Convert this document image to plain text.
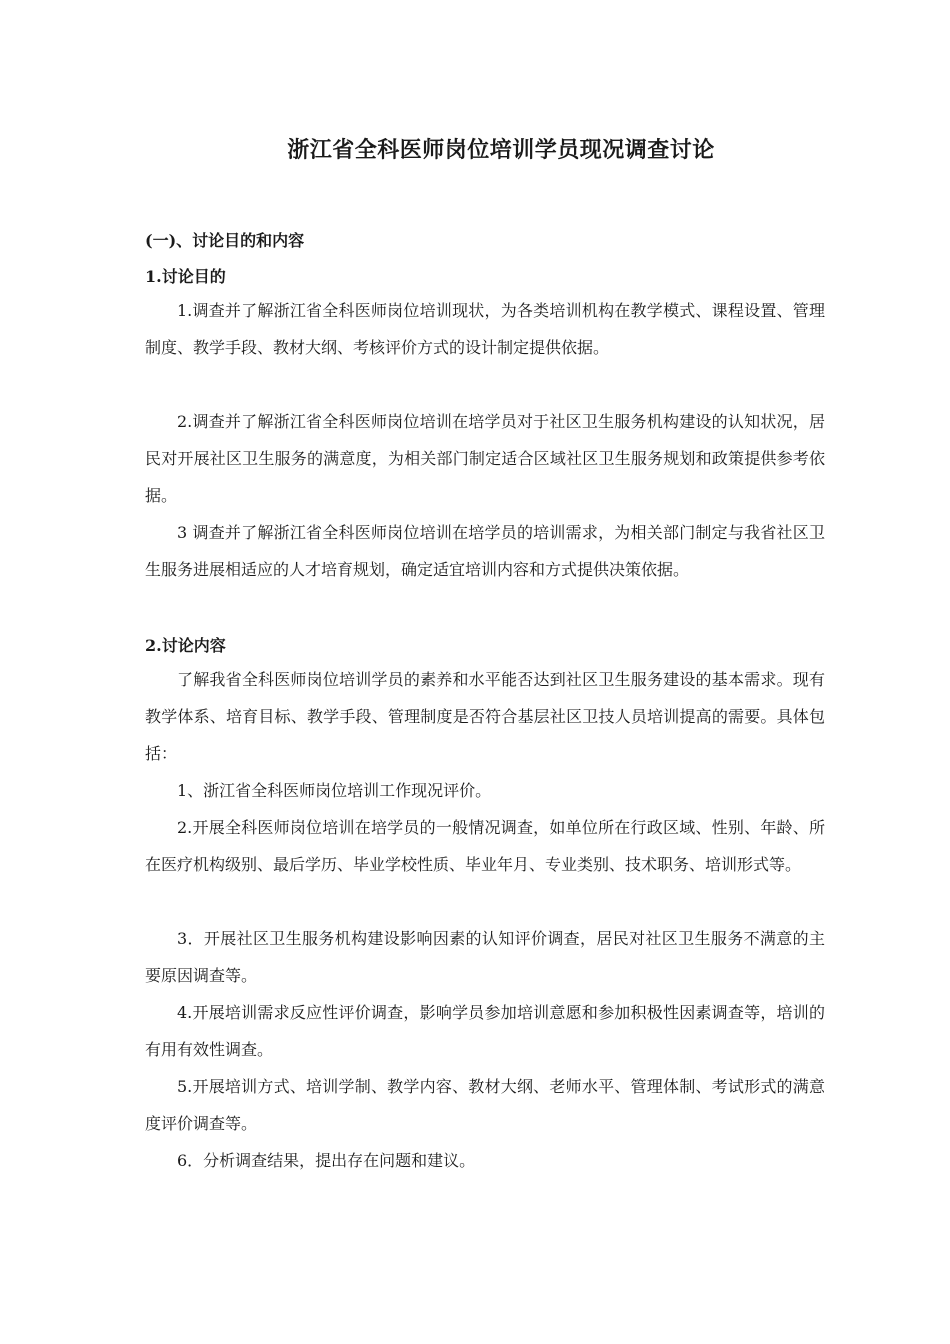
浙江省全科医师岗位培训学员现况调查讨论
(一)、讨论目的和内容
1.讨论目的
1.调查并了解浙江省全科医师岗位培训现状，为各类培训机构在教学模式、课程设置、管理制度、教学手段、教材大纲、考核评价方式的设计制定提供依据。
2.调查并了解浙江省全科医师岗位培训在培学员对于社区卫生服务机构建设的认知状况，居民对开展社区卫生服务的满意度，为相关部门制定适合区域社区卫生服务规划和政策提供参考依据。
3 调查并了解浙江省全科医师岗位培训在培学员的培训需求，为相关部门制定与我省社区卫生服务进展相适应的人才培育规划，确定适宜培训内容和方式提供决策依据。
2.讨论内容
了解我省全科医师岗位培训学员的素养和水平能否达到社区卫生服务建设的基本需求。现有教学体系、培育目标、教学手段、管理制度是否符合基层社区卫技人员培训提高的需要。具体包括：
1、浙江省全科医师岗位培训工作现况评价。
2.开展全科医师岗位培训在培学员的一般情况调查，如单位所在行政区域、性别、年龄、所在医疗机构级别、最后学历、毕业学校性质、毕业年月、专业类别、技术职务、培训形式等。
3．开展社区卫生服务机构建设影响因素的认知评价调查，居民对社区卫生服务不满意的主要原因调查等。
4.开展培训需求反应性评价调查，影响学员参加培训意愿和参加积极性因素调查等，培训的有用有效性调查。
5.开展培训方式、培训学制、教学内容、教材大纲、老师水平、管理体制、考试形式的满意度评价调查等。
6．分析调查结果，提出存在问题和建议。
